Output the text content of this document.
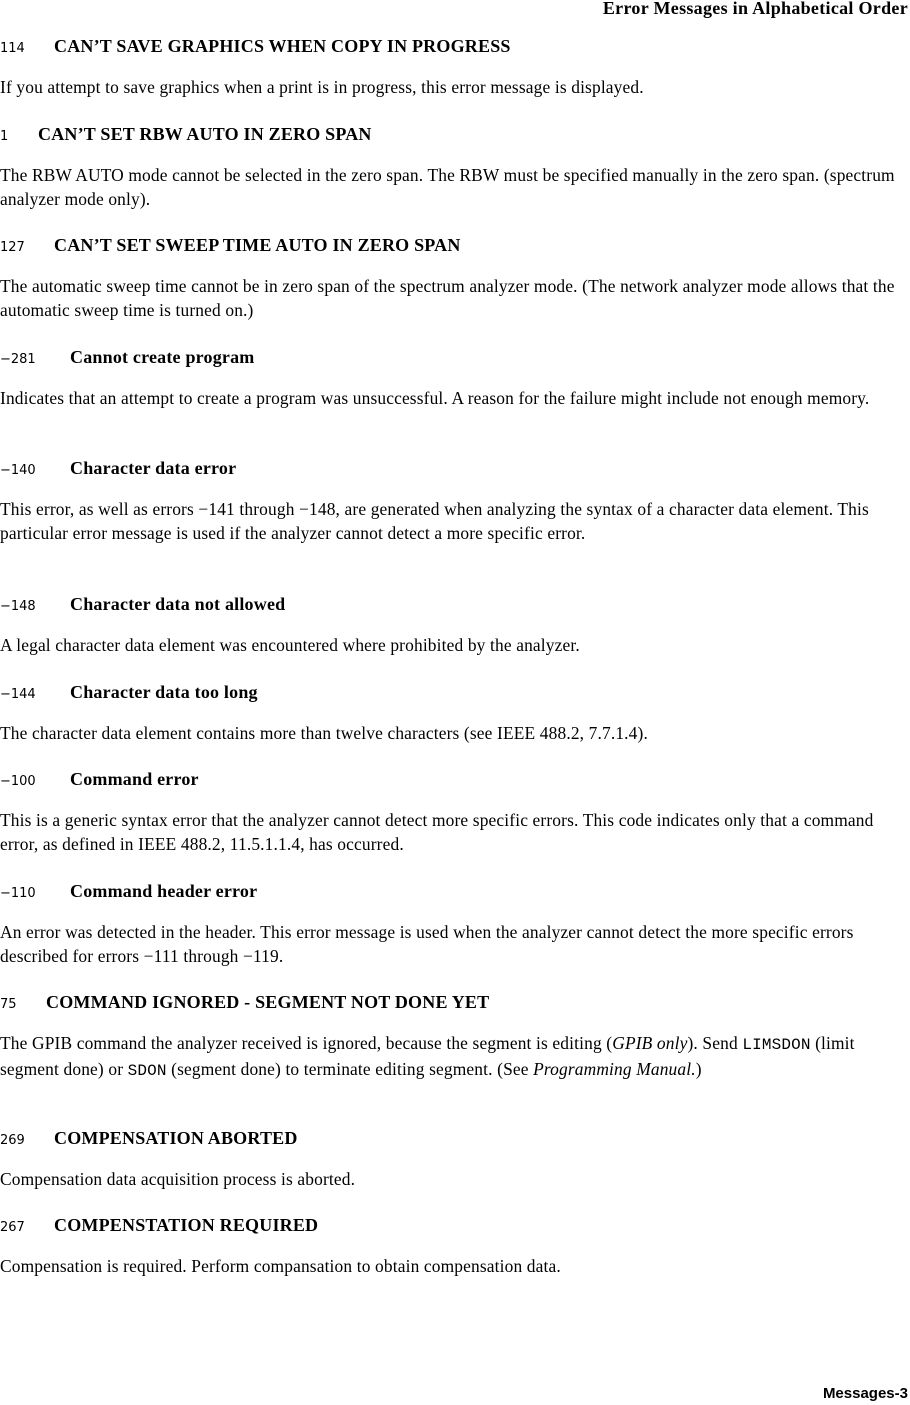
Error Messages in Alphabetical Order
114	CAN’T SAVE GRAPHICS WHEN COPY IN PROGRESS

If you attempt to save graphics when a print is in progress, this error message is displayed.

1	CAN’T SET RBW AUTO IN ZERO SPAN

The RBW AUTO mode cannot be selected in the zero span. The RBW must be specified manually in the zero span. (spectrum analyzer mode only).

127	CAN’T SET SWEEP TIME AUTO IN ZERO SPAN

The automatic sweep time cannot be in zero span of the spectrum analyzer mode. (The network analyzer mode allows that the automatic sweep time is turned on.)

−281	Cannot create program

Indicates that an attempt to create a program was unsuccessful. A reason for the failure might include not enough memory.

−140	Character data error

This error, as well as errors −141 through −148, are generated when analyzing the syntax of a character data element. This particular error message is used if the analyzer cannot detect a more specific error.

−148	Character data not allowed

A legal character data element was encountered where prohibited by the analyzer.

−144	Character data too long

The character data element contains more than twelve characters (see IEEE 488.2, 7.7.1.4).

−100	Command error

This is a generic syntax error that the analyzer cannot detect more specific errors. This code indicates only that a command error, as defined in IEEE 488.2, 11.5.1.1.4, has occurred.

−110	Command header error

An error was detected in the header. This error message is used when the analyzer cannot detect the more specific errors described for errors −111 through −119.

75	COMMAND IGNORED - SEGMENT NOT DONE YET

The GPIB command the analyzer received is ignored, because the segment is editing (GPIB only). Send LIMSDON (limit segment done) or SDON (segment done) to terminate editing segment. (See Programming Manual.)

269	COMPENSATION ABORTED

Compensation data acquisition process is aborted.

267	COMPENSTATION REQUIRED

Compensation is required. Perform compansation to obtain compensation data.

Messages-3
